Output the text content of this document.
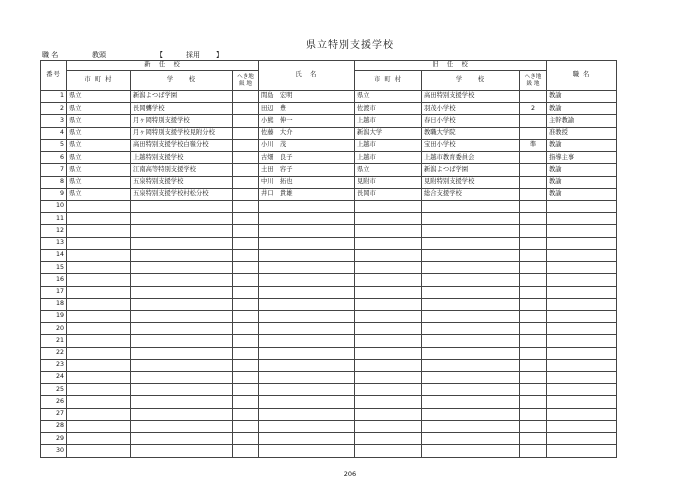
県立特別支援学校
職 名	教頭	【	採用 】
番号	新　任　校			氏　名	旧　任　校			職 名
	市 町 村	学　　校	へき地級 地		市 町 村	学　　校	へき地級 地	
1	県立	新潟よつば学園		間島　宏明	県立	高田特別支援学校		教諭
2	県立	長岡聾学校		田辺　豊	佐渡市	羽茂小学校	2	教諭
3	県立	月ヶ岡特別支援学校		小熊　伸一	上越市	春日小学校		主幹教諭
4	県立	月ヶ岡特別支援学校見附分校		佐藤　大介	新潟大学	教職大学院		准教授
5	県立	高田特別支援学校白嶺分校		小川　茂	上越市	宝田小学校	準	教諭
6	県立	上越特別支援学校		古畑　良子	上越市	上越市教育委員会		指導主事
7	県立	江南高等特別支援学校		土田　容子	県立	新潟よつば学園		教諭
8	県立	五泉特別支援学校		中川　拓也	見附市	見附特別支援学校		教諭
9	県立	五泉特別支援学校村松分校		井口　貴雄	長岡市	総合支援学校		教諭
10								
11								
12								
13								
14								
15								
16								
17								
18								
19								
20								
21								
22								
23								
24								
25								
26								
27								
28								
29								
30								
206
